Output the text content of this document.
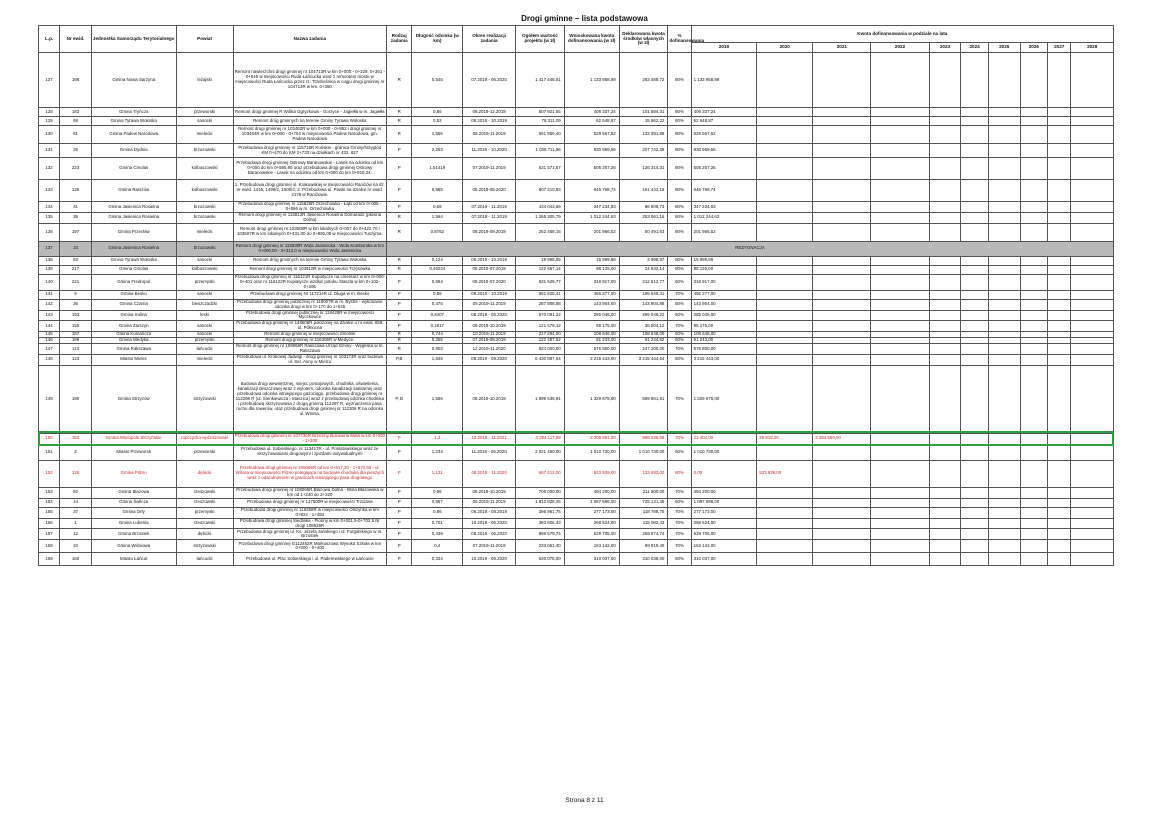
Drogi gminne – lista podstawowa
L.p.	Nr ewid.	Jednostka Samorządu Terytorialnego	Powiat	Nazwa zadania	Rodzaj zadania	Długość odcinka (w km)	Okres realizacji zadania	Ogółem wartość projektu (w zł)	Wnioskowana kwota dofinansowania (w zł)	Deklarowana kwota środków własnych (w zł)	% dofinansowania	Kwota dofinansowania w podziale na lata									
												2019	2020	2021	2022	2023	2024	2025	2026	2027	2028
127	198	Gmina Nowa Sarzyna	leżajski	Remont nawierzchni drogi gminnej nr 104713R w km 0+000 - 0+329, 0+361 - 0+545 w miejscowości Ruda Łańcucka wraz z remontem mostu w miejscowości Ruda Łańcucka przez rz. Trzebośnica w ciągu drogi gminnej nr 104713R w km. 0+360	R	0,545	07.2019 - 06.2020	1 417 448,61	1 133 958,89	283 489,72	80%	1 133 958,89									
128	183	Gmina Tryńcza	przeworski	Remont drogi gminnej R Wólka Ogryzkowa - Gorzyce - Jagiełła w m. Jagiełła	R	0,85	08.2019-12.2019	507 921,55	406 337,24	101 584,31	80%	406 337,24									
129	69	Gmina Tyrawa Wołoska	sanocki	Remont dróg gminnych na terenie Gminy Tyrawa Wołoska	R	0,52	06.2019 - 10.2019	78 311,09	62 648,87	15 662,22	80%	62 648,87									
130	81	Gmina Padew Narodowa	mielecki	Remont drogi gminnej nr 103462R w km 0+000 - 0+862 i drogi gminnej nr 103464R w km 0+000 - 0+704 w miejscowości Padew Narodowa, gm. Padew Narodowa	R	1,566	08.2019-11.2019	661 959,40	529 567,52	132 391,88	80%	529 567,52									
131	25	Gmina Dydnia	brzozowski	Przebudowa drogi gminnej nr 115716R Końskie - granica Gminy/Niżyglód KM 0+470 do KM 2+733 na działkach nr 432, 627	P	2,263	11.2019 - 10.2020	1 038 711,96	830 969,56	207 742,39	80%	830 969,56									
132	223	Gmina Cmolas	kolbuszowski	Przebudowa drogi gminnej Ostrowy Baranowskie - Lasek na odcinku od km 0+000 do km 0+595,95 oraz przebudowa drogi gminnej Ostrowy Baranowskie - Lasek na odcinku od km 0+000 do km 0+918,24.	P	1,51419	07.2019-11.2019	631 571,57	505 257,26	126 314,31	80%	505 257,26									
133	139	Gmina Raniżów	kolbuszowski	1. Przebudowa drogi gminnej ul. Krakowskiej w miejscowości Raniżów na dz. nr ewid. 1415, 1499/2, 1500/4, 2. Przebudowa ul. Piaski na działce nr ewid. 2178 w Raniżowie.	P	0,985	08.2019-08.2020	807 210,93	645 768,74	161 442,19	80%	645 768,74									
134	31	Gmina Jasienica Rosielna	brzozowski	Przebudowa drogi gminnej nr 115828R Orzechówka - Łąki od km 0+005 - 0+596 w m. Orzechówka	P	0,59	07.2019 - 11.2019	434 043,66	347 234,93	86 808,73	80%	347 234,93									
135	35	Gmina Jasienica Rosielna	brzozowski	Remont drogi gminnej nr 115813R Jasienica Rosielna Domaradz (płosina Dolna)	R	1,564	07.2019 - 11.2019	1 265 305,79	1 012 244,63	253 061,16	80%	1 012 244,63									
136	197	Gmina Przecław	mielecki	Remont drogi gminnej nr 103508R w km lokalnych 0+007 do 0+422,70 i 103507R w km lokalnych 0+431,00 do 0+892,00 w miejscowości Tuszyma.	R	0,8762	08.2019-09.2019	252 458,15	201 966,52	50 491,63	80%	201 966,52									
137	34	Gmina Jasienica Rosielna	brzozowski	Remont drogi gminnej nr 115830R Wola Jasienicka - Wola Komborska w km 0+000,00 - 0+312,0 w miejscowości Wola Jasienicka	REZYGNACJA																
138	83	Gmina Tyrawa Wołoska	sanocki	Remont dróg gminnych na terenie Gminy Tyrawa Wołoska	R	0,124	06.2019 - 10.2019	19 998,85	15 999,88	3 998,97	80%	15 999,88									
139	217	Gmina Cmolas	kolbuszowski	Remont drogi gminnej nr 103910R w miejscowości Trzęsówka	R	0,46024	05.2019-07.2019	122 657,14	98 125,00	24 532,14	80%	98 125,00									
140	221	Gmina Fredropol	przemyski	Przebudowa drogi gminnej nr 116121R Kupiatycze na cmentarz w km 0+000-0+401 oraz nr 116122R Kupiatycze wzdłuż potoku Staszla w km 0+102-0+295	P	0,594	08.2019-07.2020	531 529,77	318 917,00	212 612,77	60%	318 917,00									
141	9	Gmina Besko	sanocki	Przebudowa drogi gminnej Nr 117214R ul. Długa w m. Besko	P	0,56	09.2019 - 10.2019	651 825,41	456 277,00	195 548,41	70%	456 277,00									
142	36	Gmina Czarna	bieszczadzki	Przebudowa drogi gminnej publicznej nr 119007R w m. Bystre - wykonanie odcinka drogi w km 0+170 do 1+645	P	0,475	09.2019-11.2019	287 808,88	143 904,00	143 904,88	50%	143 904,00									
143	193	Gmina Solina	leski	Przebudowa drogi gminnej publicznej nr 118428R w miejscowości Myczkowce	P	0,4407	08.2019 - 05.2020	570 091,22	285 045,00	285 046,22	50%	285 045,00									
144	155	Gmina Zarszyn	sanocki	Przebudowa drogi gminnej nr 148606R położonej na działce o nr ewid. 658, ul. Północna	P	0,1817	09.2019-10.2019	121 679,12	85 175,00	36 504,12	70%	85 175,00									
145	187	Gmina Komańcza	sanocki	Remont drogi gminnej w miejscowości Smolnik	R	0,744	10.2019-11.2019	217 294,00	108 646,00	108 648,00	50%	108 646,00									
146	199	Gmina Medyka	przemyski	Remont drogi gminnej nr 116306R w Medyce.	R	0,255	07.2019-08.2019	122 487,62	61 243,00	61 244,62	50%	61 243,00									
147	113	Gmina Rakszawa	łańcucki	Remont drogi gminnej nr 109958R Rakszawa Urząd Gminy - Węgliska w m. Rakszawa	R	0,903	12.2019-11.2020	824 000,00	576 800,00	247 200,00	70%	576 800,00									
148	123	Miasto Mielec	mielecki	Przebudowa ul. Krokowej Jadwigi - drogi gminnej nr 103174R oraz budowa ul. Ser. Anny w Mielcu	P,B	1,849	09.2019 - 09.2020	6 430 887,64	3 215 443,00	3 215 444,64	50%	3 215 443,00									
149	190	Gmina Strzyżów	strzyżowski	Budowa drogi wewnętrznej, miejsc postojowych, chodnika, oświetlenia, kanalizacji deszczowej wraz z wylotem, odcinka kanalizacji sanitarnej oraz przebudowa odcinka istniejącego gazociągu, przebudowa drogi gminnej nr 112298 R (ul. Sienkiewicza i Staszica) wraz z przebudową odcinka chodnika i przebudową skrzyżowania z drogą gminną 112297 R, wyznaczenia pasa ruchu dla rowerów, oraz przebudowa drogi gminnej nr 112306 R na odcinku ul. Witosa.	P, B	1,586	08.2019-10.2019	1 899 536,91	1 329 675,00	569 861,91	70%	1 329 675,00									
150	152	Gmina Wielopole Skrzyńskie	ropczycko-sędziszowski	Przebudowa drogi gminnej nr 107736R Brzeziny Bukowina Mała w km 0+000 - 1+300	P	1,3	10.2019 - 11.2021	3 294 117,58	2 305 881,00	988 236,58	70%	21 404,00	29 818,00	2 254 659,00							
151	2	Miasto Przeworsk	przeworski	Przebudowa ul. Sobieskiego, nr 113417R - ul. Poniatowskiego wraz ze skrzyżowaniami drogowymi i zjazdami indywidualnymi	P	1,234	11.2019 - 06.2020	2 021 460,00	1 010 730,00	1 010 730,00	50%	1 010 730,00									
152	126	Gmina Pilzno	dębicki	Przebudowa drogi gminnej nr 106065R od km 0+517,20 - 1+570,50 - ul. Witosa w miejscowości Pilzno polegająca na budowie chodnika dla pieszych wraz z odwodnieniem w granicach istniejącego pasa drogowego	P	1,131	09.2019 - 11.2020	667 412,00	533 929,00	133 483,00	80%	0,00	533 929,00								
153	92	Gmina Błażowa	rzeszowski	Przebudowa drogi gminnej nr 108065R Błażowa Dolna - Wola Błażowska w km od 1+240 do 2+220	P	0,98	08.2019-10.2019	706 000,00	494 200,00	211 800,00	70%	494 200,00									
154	14	Gmina Świlcza	rzeszowski	Przebudowa drogi gminnej nr 137500R w miejscowości Trzciana	P	0,957	06.2019-11.2019	1 812 828,45	1 087 696,00	725 131,45	60%	1 087 696,00									
155	37	Gmina Orły	przemyski	Przebudowa drogi gminnej nr 116359R w miejscowości Olszynka w km 0+824 - 1+484	P	0,86	06.2019 - 08.2019	395 961,75	277 173,00	118 788,75	70%	277 173,00									
156	1	Gmina Lubenia	rzeszowski	Przebudowa drogi gminnej Siedliska - Pionny w km 0+001,5-0+702,5 Nr drogi 108626R	P	0,701	10.2019 - 06.2020	383 606,43	268 524,00	115 082,43	70%	268 524,00									
157	12	Gmina Brzostek	dębicki	Przebudowa drogi gminnej ul. Ks. Józefa Jańskiego i ul. Furgalskiego w m. Brzostek	P	0,439	08.2019 - 06.2020	899 579,74	629 705,00	269 874,74	70%	629 705,00									
158	10	Gmina Wiśniowa	strzyżowski	Przebudowa drogi gminnej G112462R Markuszowa Wysoka Szkoła w km 0+000 - 0+400	P	0,4	07.2019-11.2019	233 061,40	163 142,00	69 919,40	70%	163 142,00									
159	160	Miasto Łańcut	łańcucki	Przebudowa ul. Plac Sobieskiego i ul. Paderewskiego w Łańcucie	P	0,334	10.2019 - 06.2020	620 075,00	310 037,00	310 038,00	50%	310 037,00									
Strona 8 z 11
